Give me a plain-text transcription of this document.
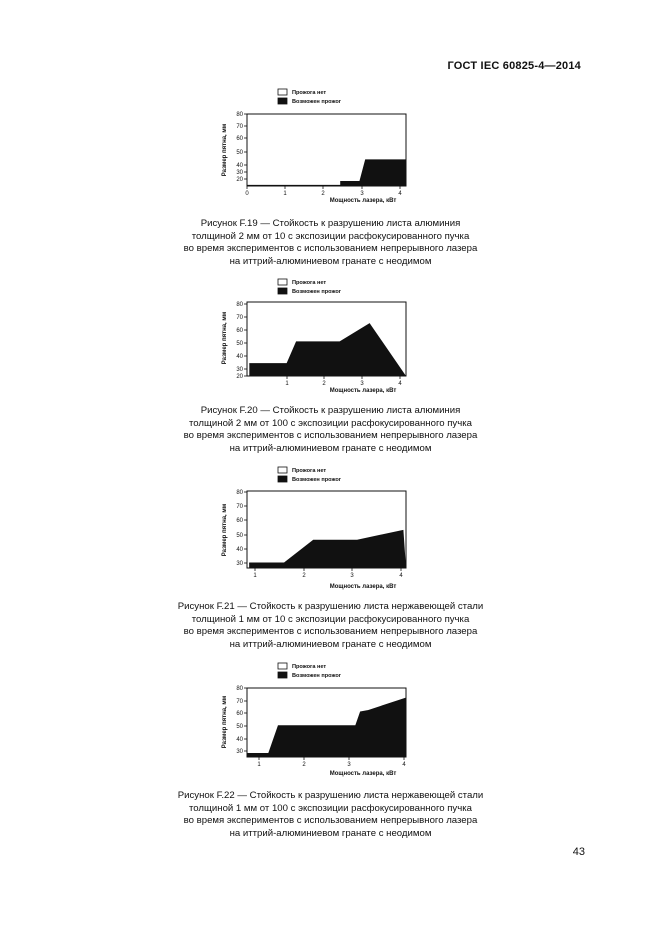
ГОСТ IEC 60825-4—2014
Прожога нет
Возможен прожог
80
70
60
50
40
30
20
0	1	2	3	4
Мощность лазера, кВт
Размер пятна, мм
Рисунок F.19 — Стойкость к разрушению листа алюминия
толщиной 2 мм от 10 с экспозиции расфокусированного пучка
во время экспериментов с использованием непрерывного лазера
на иттрий-алюминиевом гранате с неодимом
Прожога нет
Возможен прожог
80
70
60
50
40
30
20
1	2	3	4
Мощность лазера, кВт
Размер пятна, мм
Рисунок F.20 — Стойкость к разрушению листа алюминия
толщиной 2 мм от 100 с экспозиции расфокусированного пучка
во время экспериментов с использованием непрерывного лазера
на иттрий-алюминиевом гранате с неодимом
Прожога нет
Возможен прожог
80
70
60
50
40
30
1	2	3	4
Мощность лазера, кВт
Размер пятна, мм
Рисунок F.21 — Стойкость к разрушению листа нержавеющей стали
толщиной 1 мм от 10 с экспозиции расфокусированного пучка
во время экспериментов с использованием непрерывного лазера
на иттрий-алюминиевом гранате с неодимом
Прожога нет
Возможен прожог
80
70
60
50
40
30
1	2	3	4
Мощность лазера, кВт
Размер пятна, мм
Рисунок F.22 — Стойкость к разрушению листа нержавеющей стали
толщиной 1 мм от 100 с экспозиции расфокусированного пучка
во время экспериментов с использованием непрерывного лазера
на иттрий-алюминиевом гранате с неодимом
43
